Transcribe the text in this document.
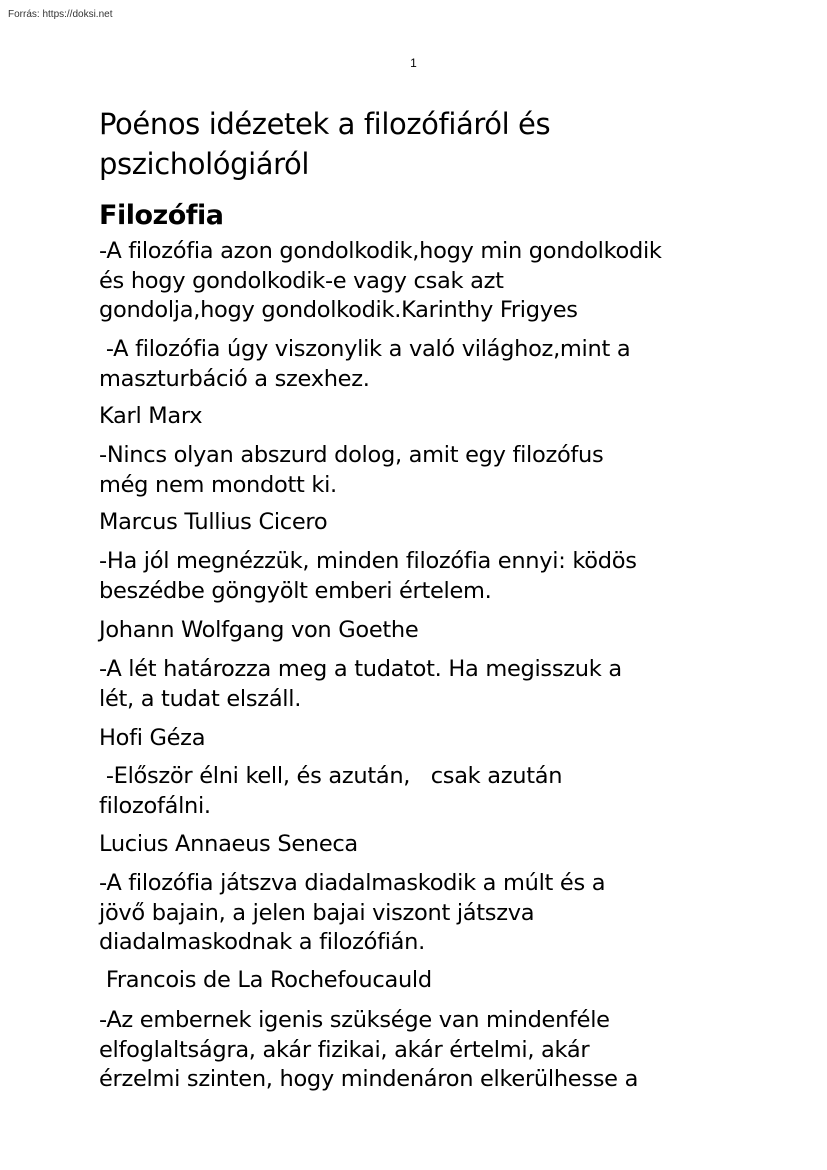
Forrás: https://doksi.net

1

Poénos idézetek a filozófiáról és
pszichológiáról
Filozófia

-A filozófia azon gondolkodik,hogy min gondolkodik
és hogy gondolkodik-e vagy csak azt
gondolja,hogy gondolkodik.Karinthy Frigyes

-A filozófia úgy viszonylik a való világhoz,mint a
maszturbáció a szexhez.

Karl Marx

-Nincs olyan abszurd dolog, amit egy filozófus
még nem mondott ki.

Marcus Tullius Cicero

-Ha jól megnézzük, minden filozófia ennyi: ködös
beszédbe göngyölt emberi értelem.

Johann Wolfgang von Goethe

-A lét határozza meg a tudatot. Ha megisszuk a
lét, a tudat elszáll.

Hofi Géza

-Először élni kell, és azután,   csak azután
filozofálni.

Lucius Annaeus Seneca

-A filozófia játszva diadalmaskodik a múlt és a
jövő bajain, a jelen bajai viszont játszva
diadalmaskodnak a filozófián.

Francois de La Rochefoucauld

-Az embernek igenis szüksége van mindenféle
elfoglaltságra, akár fizikai, akár értelmi, akár
érzelmi szinten, hogy mindenáron elkerülhesse a
